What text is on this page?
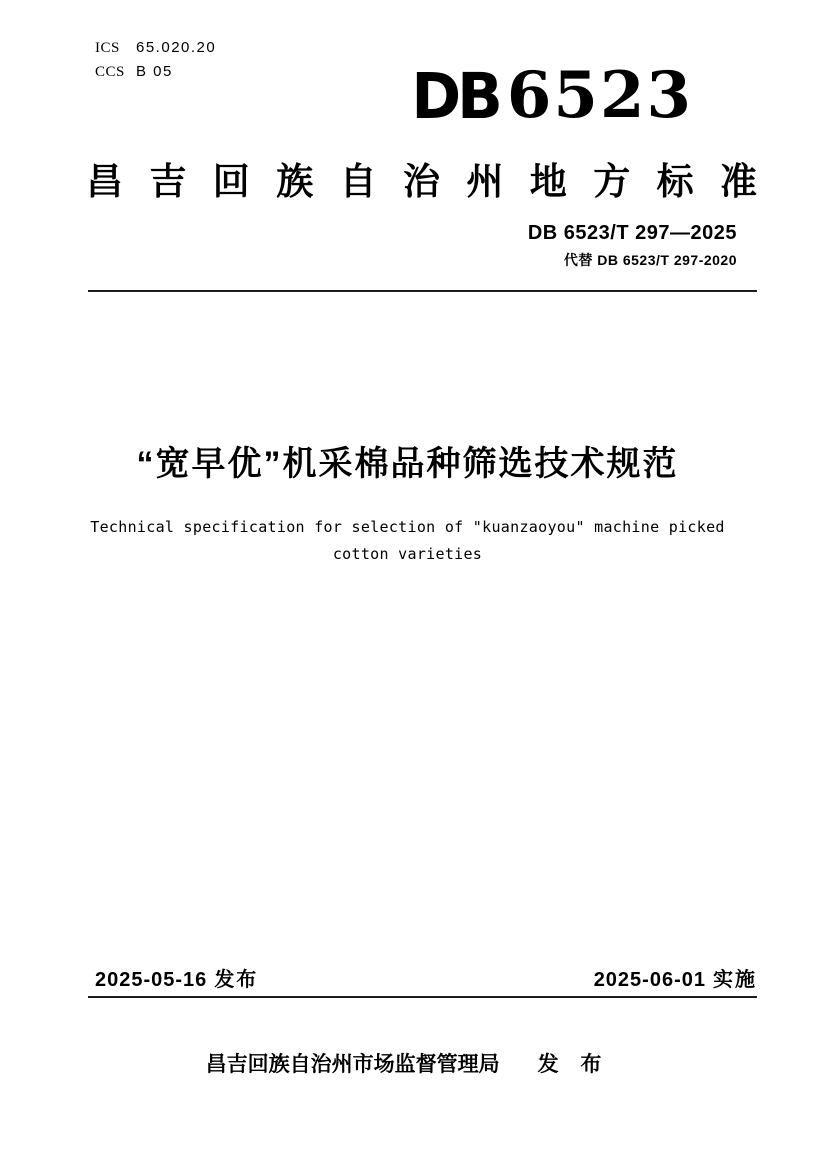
ICS	65.020.20
CCS B 05	DB 6523
昌吉回族自治州地方标准
DB 6523/T 297—2025
代替 DB 6523/T 297-2020
“宽早优”机采棉品种筛选技术规范
Technical specification for selection of "kuanzaoyou" machine picked
cotton varieties
2025-05-16 发布	2025-06-01 实施
昌吉回族自治州市场监督管理局 发 布
